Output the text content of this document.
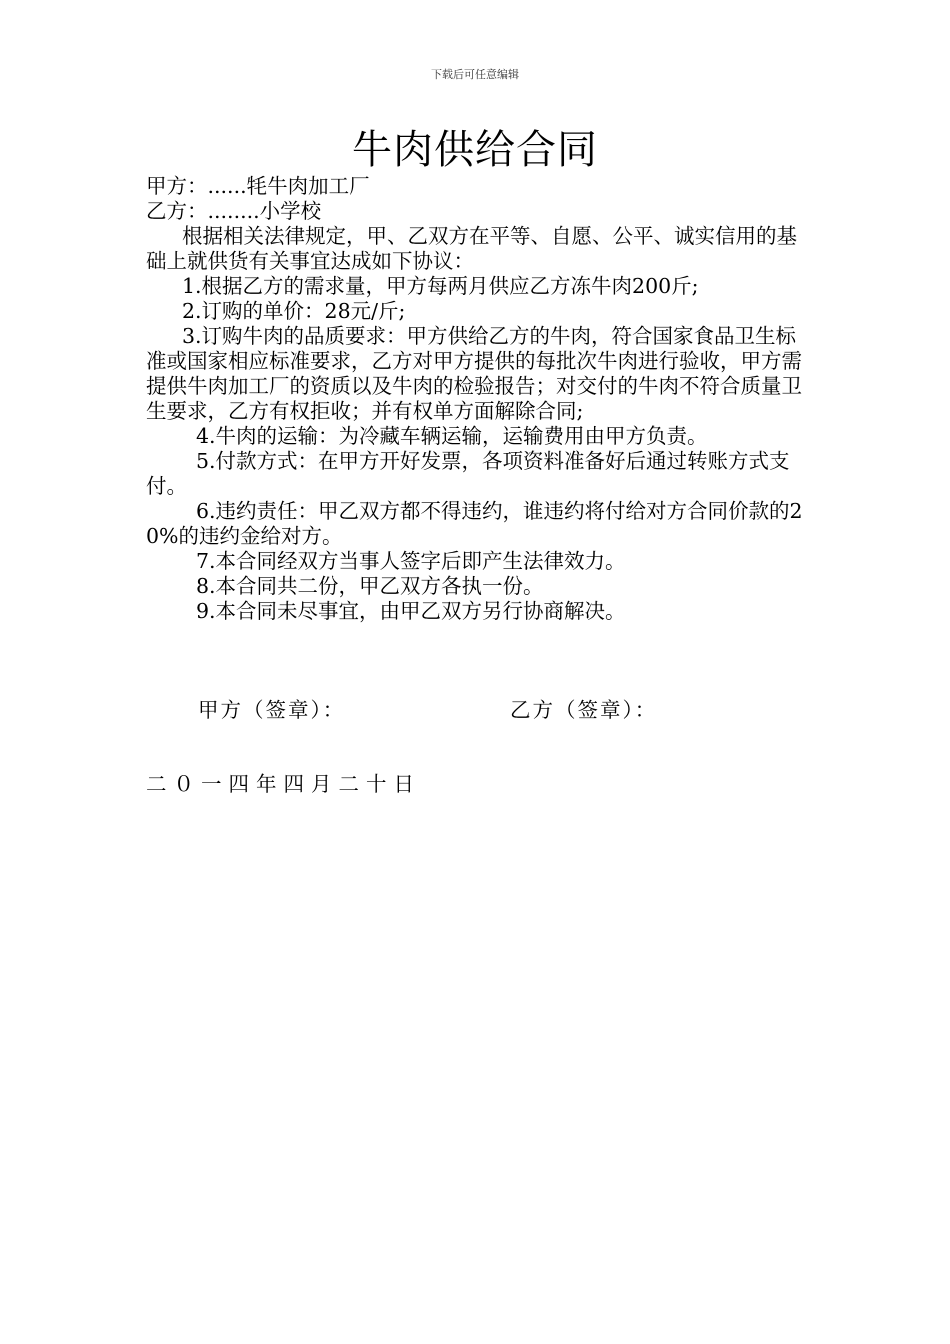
下载后可任意编辑
牛肉供给合同
甲方：......牦牛肉加工厂
乙方：........小学校
根据相关法律规定，甲、乙双方在平等、自愿、公平、诚实信用的基础上就供货有关事宜达成如下协议：
1.根据乙方的需求量，甲方每两月供应乙方冻牛肉200斤;
2.订购的单价：28元/斤;
3.订购牛肉的品质要求：甲方供给乙方的牛肉，符合国家食品卫生标准或国家相应标准要求，乙方对甲方提供的每批次牛肉进行验收，甲方需提供牛肉加工厂的资质以及牛肉的检验报告；对交付的牛肉不符合质量卫生要求，乙方有权拒收；并有权单方面解除合同;
4.牛肉的运输：为冷藏车辆运输，运输费用由甲方负责。
5.付款方式：在甲方开好发票，各项资料准备好后通过转账方式支付。
6.违约责任：甲乙双方都不得违约，谁违约将付给对方合同价款的20%的违约金给对方。
7.本合同经双方当事人签字后即产生法律效力。
8.本合同共二份，甲乙双方各执一份。
9.本合同未尽事宜，由甲乙双方另行协商解决。
甲方（签章）：	乙方（签章）：
二０一四年四月二十日
